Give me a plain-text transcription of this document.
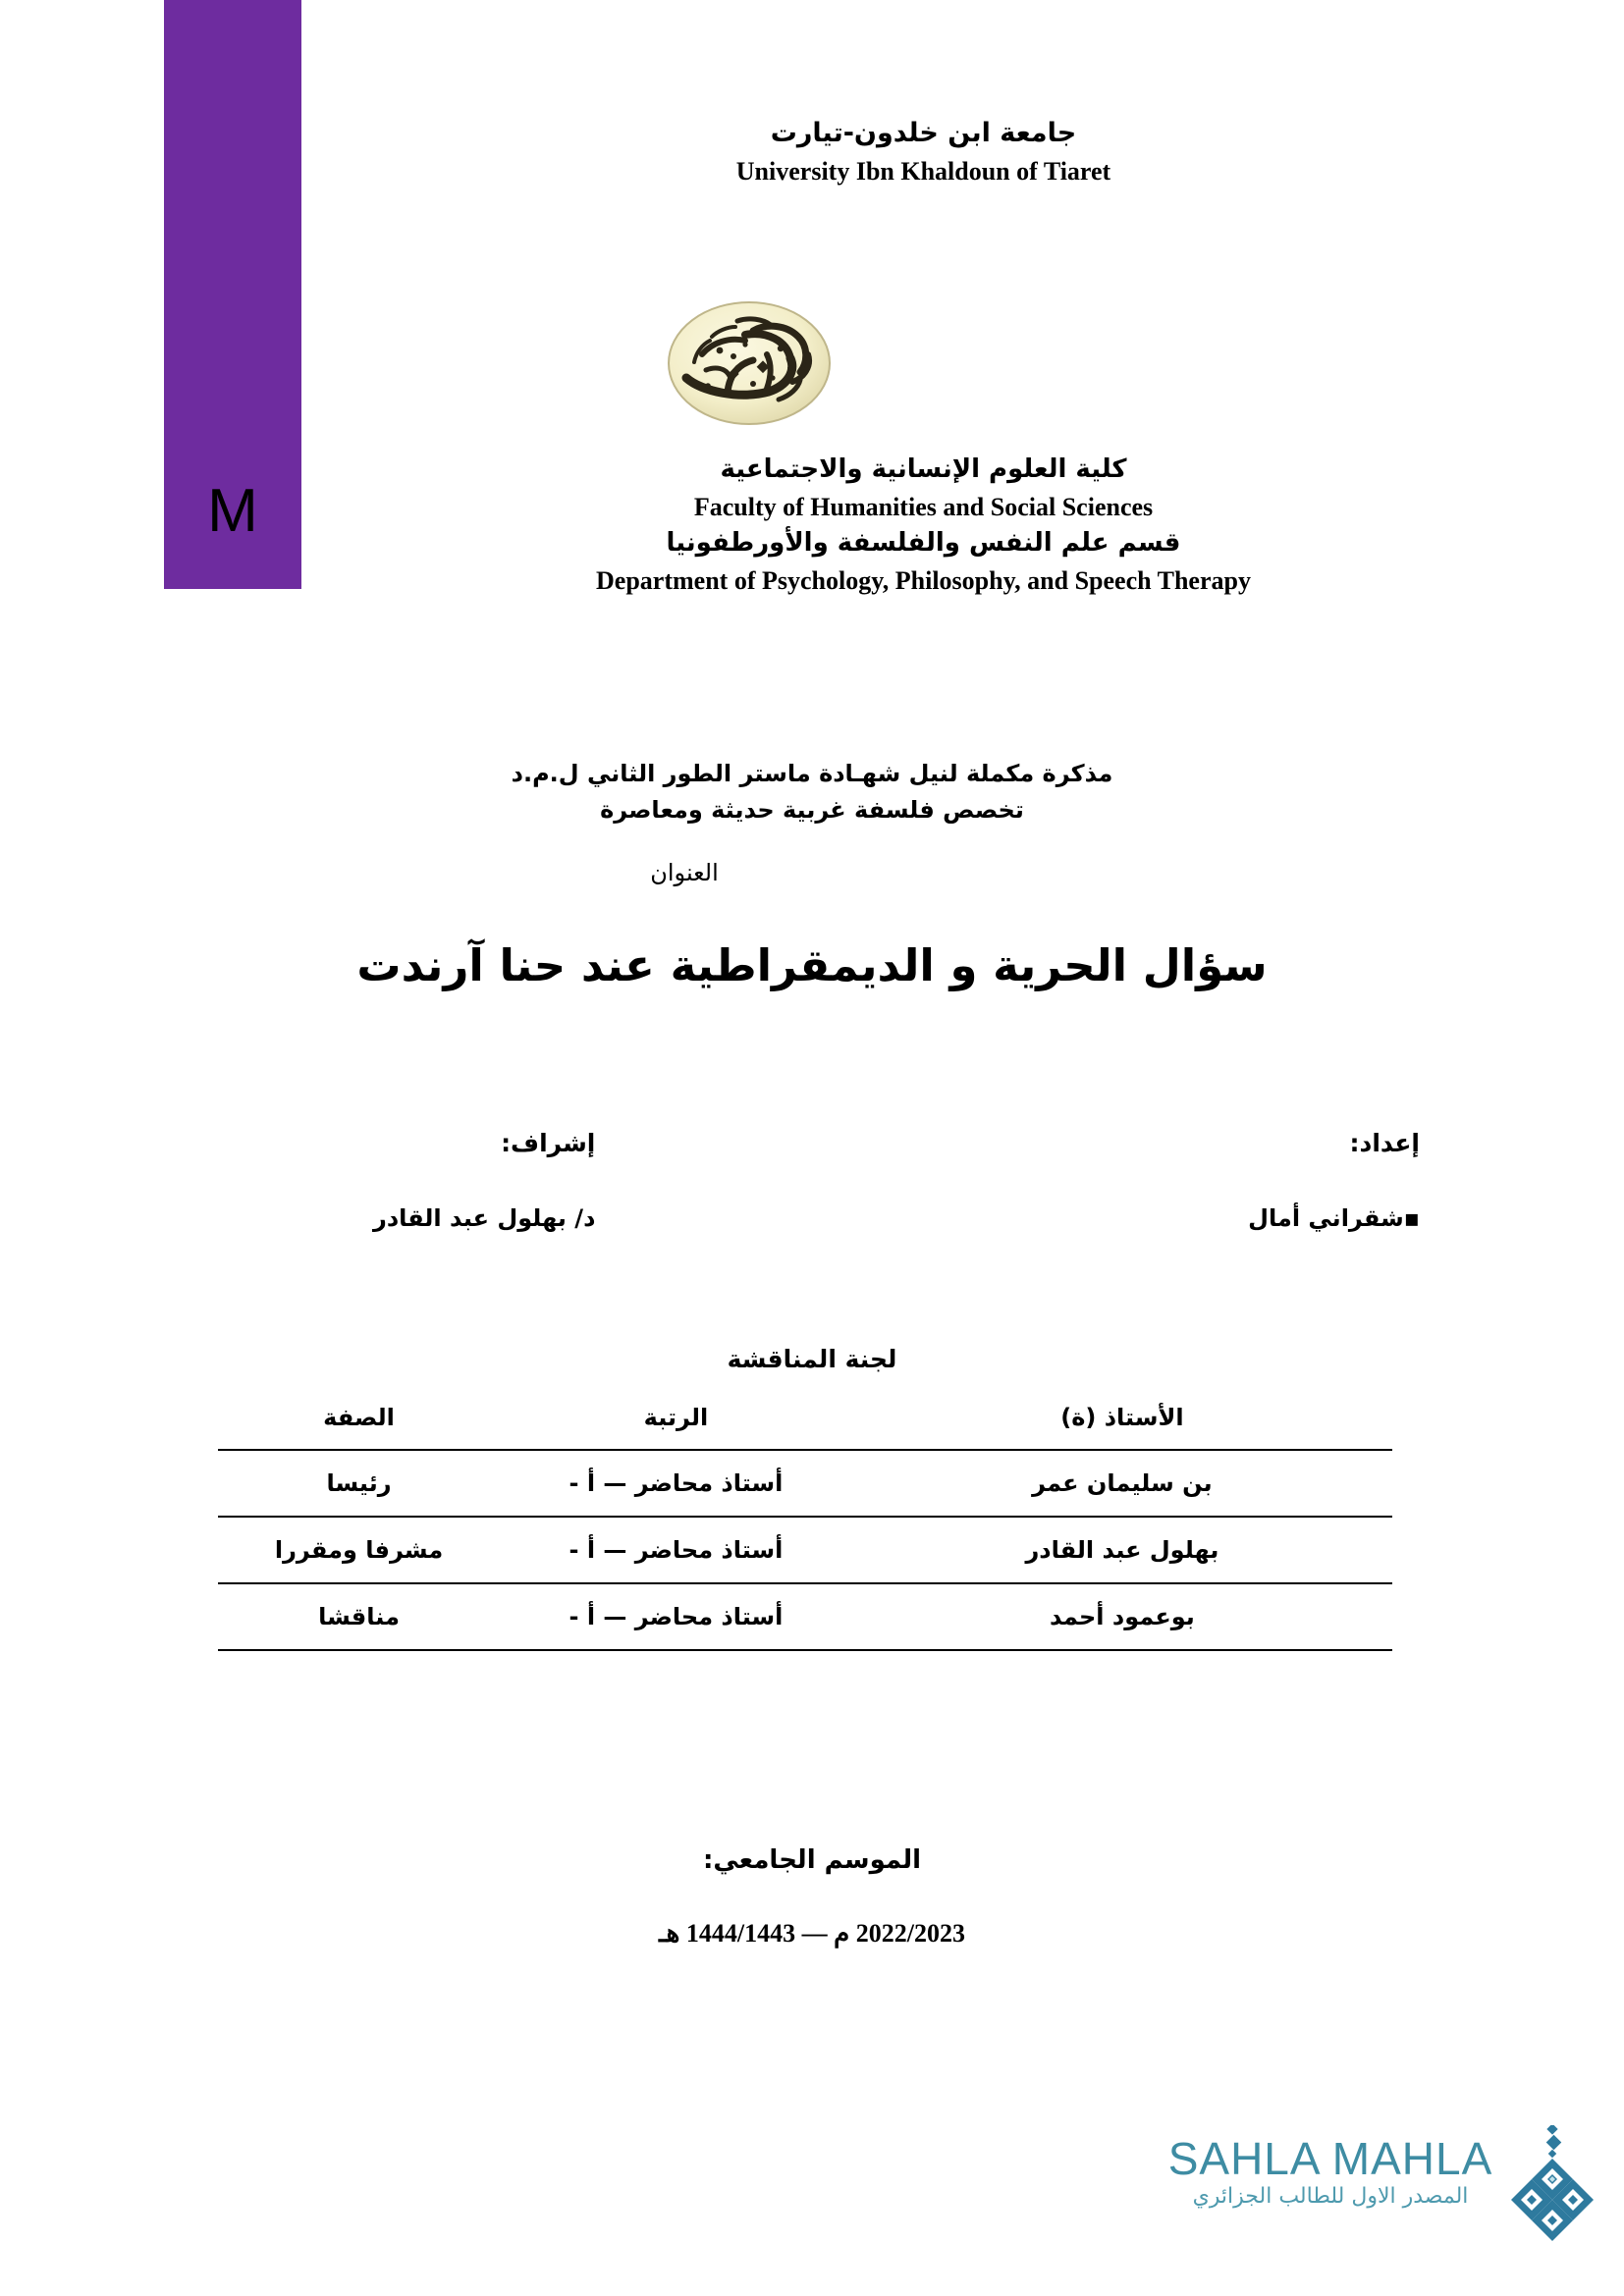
M
جامعة ابن خلدون-تيارت
University Ibn Khaldoun of Tiaret
كلية العلوم الإنسانية والاجتماعية
Faculty of Humanities and Social Sciences
قسم علم النفس والفلسفة والأورطفونيا
Department of Psychology, Philosophy, and Speech Therapy
مذكرة مكملة لنيل شهـادة ماستر الطور الثاني ل.م.د
تخصص فلسفة غربية حديثة ومعاصرة
العنوان
سؤال الحرية و الديمقراطية عند حنا آرندت
إعداد:
▪شقراني أمال
إشراف:
د/ بهلول عبد القادر
لجنة المناقشة
الأستاذ (ة)	الرتبة	الصفة
بن سليمان عمر	أستاذ محاضر — أ -	رئيسا
بهلول عبد القادر	أستاذ محاضر — أ -	مشرفا ومقررا
بوعمود أحمد	أستاذ محاضر — أ -	مناقشا
الموسم الجامعي:
2022/2023 م — 1444/1443 هـ
SAHLA MAHLA
المصدر الاول للطالب الجزائري
